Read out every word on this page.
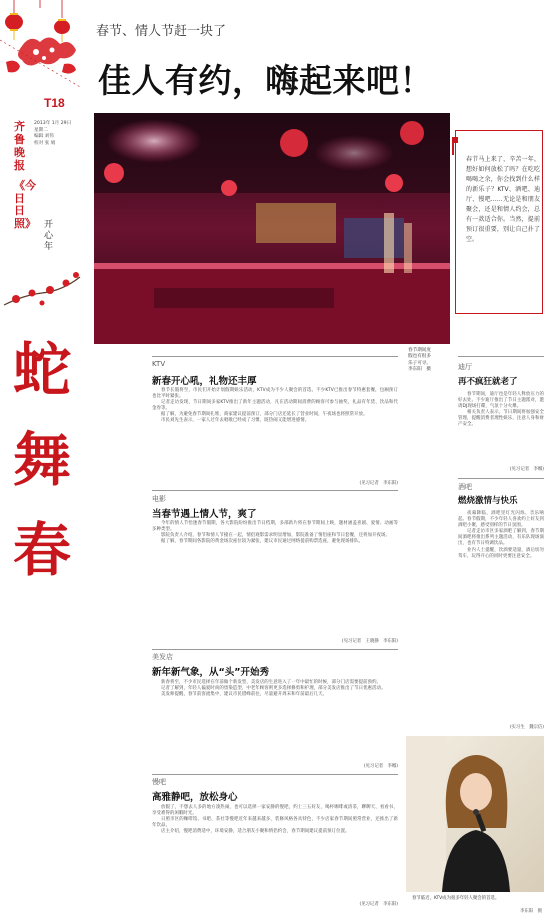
T18
2013年 1月 29日
星期二
编辑 刘伟
校对 张 娟
齐鲁晚报
《今日日照》 开心年
蛇
舞
春
春节、情人节赶一块了
佳人有约，嗨起来吧！
春节期间度
假也有很多
乐子可寻。
李东阳　摄
春节马上来了，辛苦一年，想好如何放松了吗？在吃吃喝喝之余，你会找到什么样的新乐子？KTV、酒吧、迪厅、慢吧……无论是和朋友聚会，还是和情人约会，总有一款适合你。当然，提前预订很重要，别让自己扑了空。
KTV
新春开心吼，礼物还丰厚

春节长假将至，市民们开始计划假期娱乐活动，KTV成为不少人聚会的首选。不少KTV已推出春节特惠套餐，包厢预订也比平时紧张。

记者走访发现，节日期间多家KTV推出了新年主题活动，凡在活动期间消费的顾客可参与抽奖，礼品有年货、饮品和代金券等。

据了解，为避免春节期间扎堆，商家建议提前预订，部分门店还延长了营业时间，午夜场也将照常开放。

市民刘先生表示，一家人过年去唱歌已经成了习惯，既热闹又能增进感情。

(见习记者　李东阳)
电影
当春节遇上情人节，爽了

今年的情人节恰逢春节假期，各大影院纷纷推出节日档期，多部新片将在春节期间上映，题材涵盖喜剧、爱情、动画等多种类型。

影院负责人介绍，春节和情人节撞在一起，情侣观影需求明显增加，影院准备了情侣座和节日套餐，还将加开夜场。

据了解，春节期间各影院的黄金场次座位较为紧张，建议市民通过网络提前购票选座，避免现场排队。

(见习记者　王晓静　李东阳)
美发店
新年新气象，从“头”开始秀

新春将至，不少市民选择在年前做个新发型，美发店的生意进入了一年中最忙的时候，部分门店需要提前预约。

记者了解到，年轻人偏爱时尚的烫染造型，中老年顾客则更多选择修剪和护理，部分美发店推出了节日优惠活动。

美发师提醒，春节前客流集中，建议市民错峰前往，尽量避开周末和年前最后几天。

(见习记者　李娜)
慢吧
高雅静吧，放松身心

放假了，不想去人多的地方凑热闹，也可以选择一家安静的慢吧，约上三五好友，喝杯咖啡或清茶，聊聊天、看看书，享受难得的闲暇时光。

日照市区的咖啡馆、书吧、茶社等慢吧近年来越来越多，装修风格各具特色，不少店家春节期间照常营业，还推出了新年饮品。

店主介绍，慢吧消费适中，环境安静，适合朋友小聚和情侣约会，春节期间建议提前预订位置。

(见习记者　李东阳)
迪厅
再不疯狂就老了

春节期间，迪厅也是年轻人释放压力的好去处。不少迪厅推出了节日主题派对，邀请DJ现场打碟，气氛十分火爆。

相关负责人表示，节日期间将加强安全管理，提醒消费者理性娱乐，注意人身和财产安全。

(见习记者　李娜)
酒吧
燃烧激情与快乐

夜幕降临，酒吧里灯光闪烁、音乐响起。春节假期，不少年轻人喜欢约上好友到酒吧小聚，感受别样的节日氛围。

记者走访市区多家酒吧了解到，春节期间酒吧将推出系列主题活动，有乐队现场演出，也有节日特调饮品。

业内人士提醒，饮酒要适量，酒后切勿驾车，玩得开心的同时更要注意安全。

(实习生　魏宗信)
春节临近，KTV成为很多年轻人聚会的首选。
李东阳　摄
